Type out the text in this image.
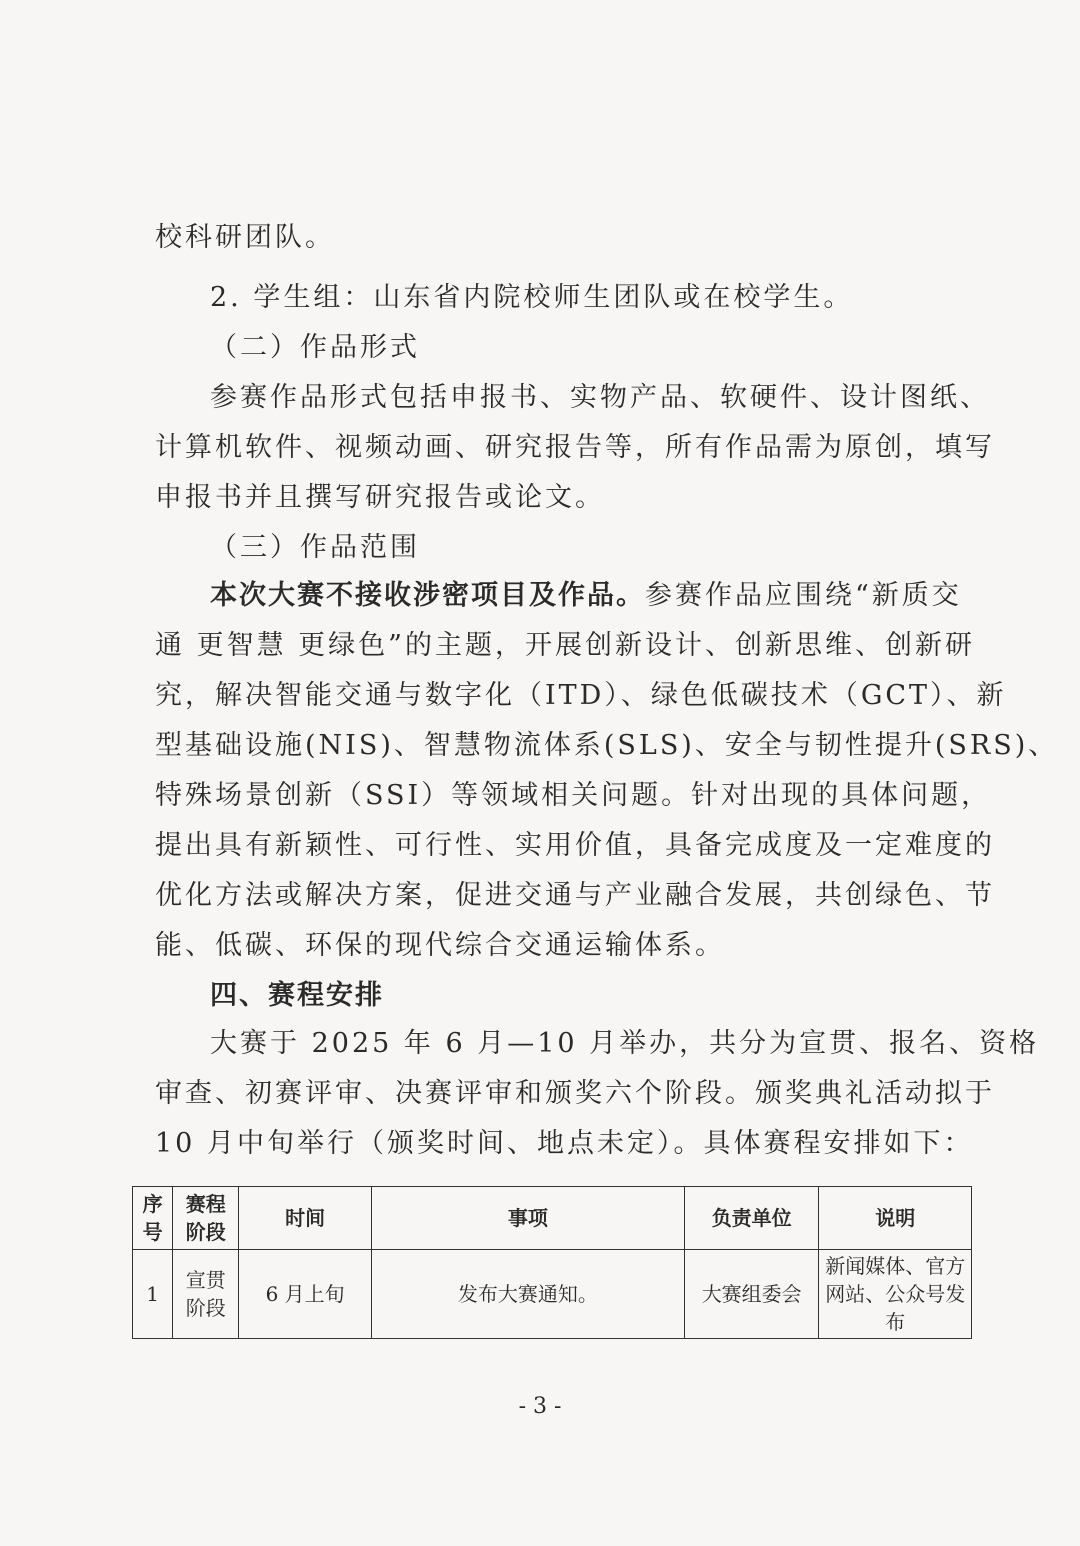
校科研团队。
2. 学生组：山东省内院校师生团队或在校学生。
（二）作品形式
参赛作品形式包括申报书、实物产品、软硬件、设计图纸、
计算机软件、视频动画、研究报告等，所有作品需为原创，填写
申报书并且撰写研究报告或论文。
（三）作品范围
本次大赛不接收涉密项目及作品。参赛作品应围绕“新质交
通 更智慧 更绿色”的主题，开展创新设计、创新思维、创新研
究，解决智能交通与数字化（ITD）、绿色低碳技术（GCT）、新
型基础设施(NIS)、智慧物流体系(SLS)、安全与韧性提升(SRS)、
特殊场景创新（SSI）等领域相关问题。针对出现的具体问题，
提出具有新颖性、可行性、实用价值，具备完成度及一定难度的
优化方法或解决方案，促进交通与产业融合发展，共创绿色、节
能、低碳、环保的现代综合交通运输体系。
四、赛程安排
大赛于 2025 年 6 月—10 月举办，共分为宣贯、报名、资格
审查、初赛评审、决赛评审和颁奖六个阶段。颁奖典礼活动拟于
10 月中旬举行（颁奖时间、地点未定）。具体赛程安排如下：
序号	赛程阶段	时间	事项	负责单位	说明
1	宣贯阶段	6 月上旬	发布大赛通知。	大赛组委会	新闻媒体、官方网站、公众号发布
- 3 -
